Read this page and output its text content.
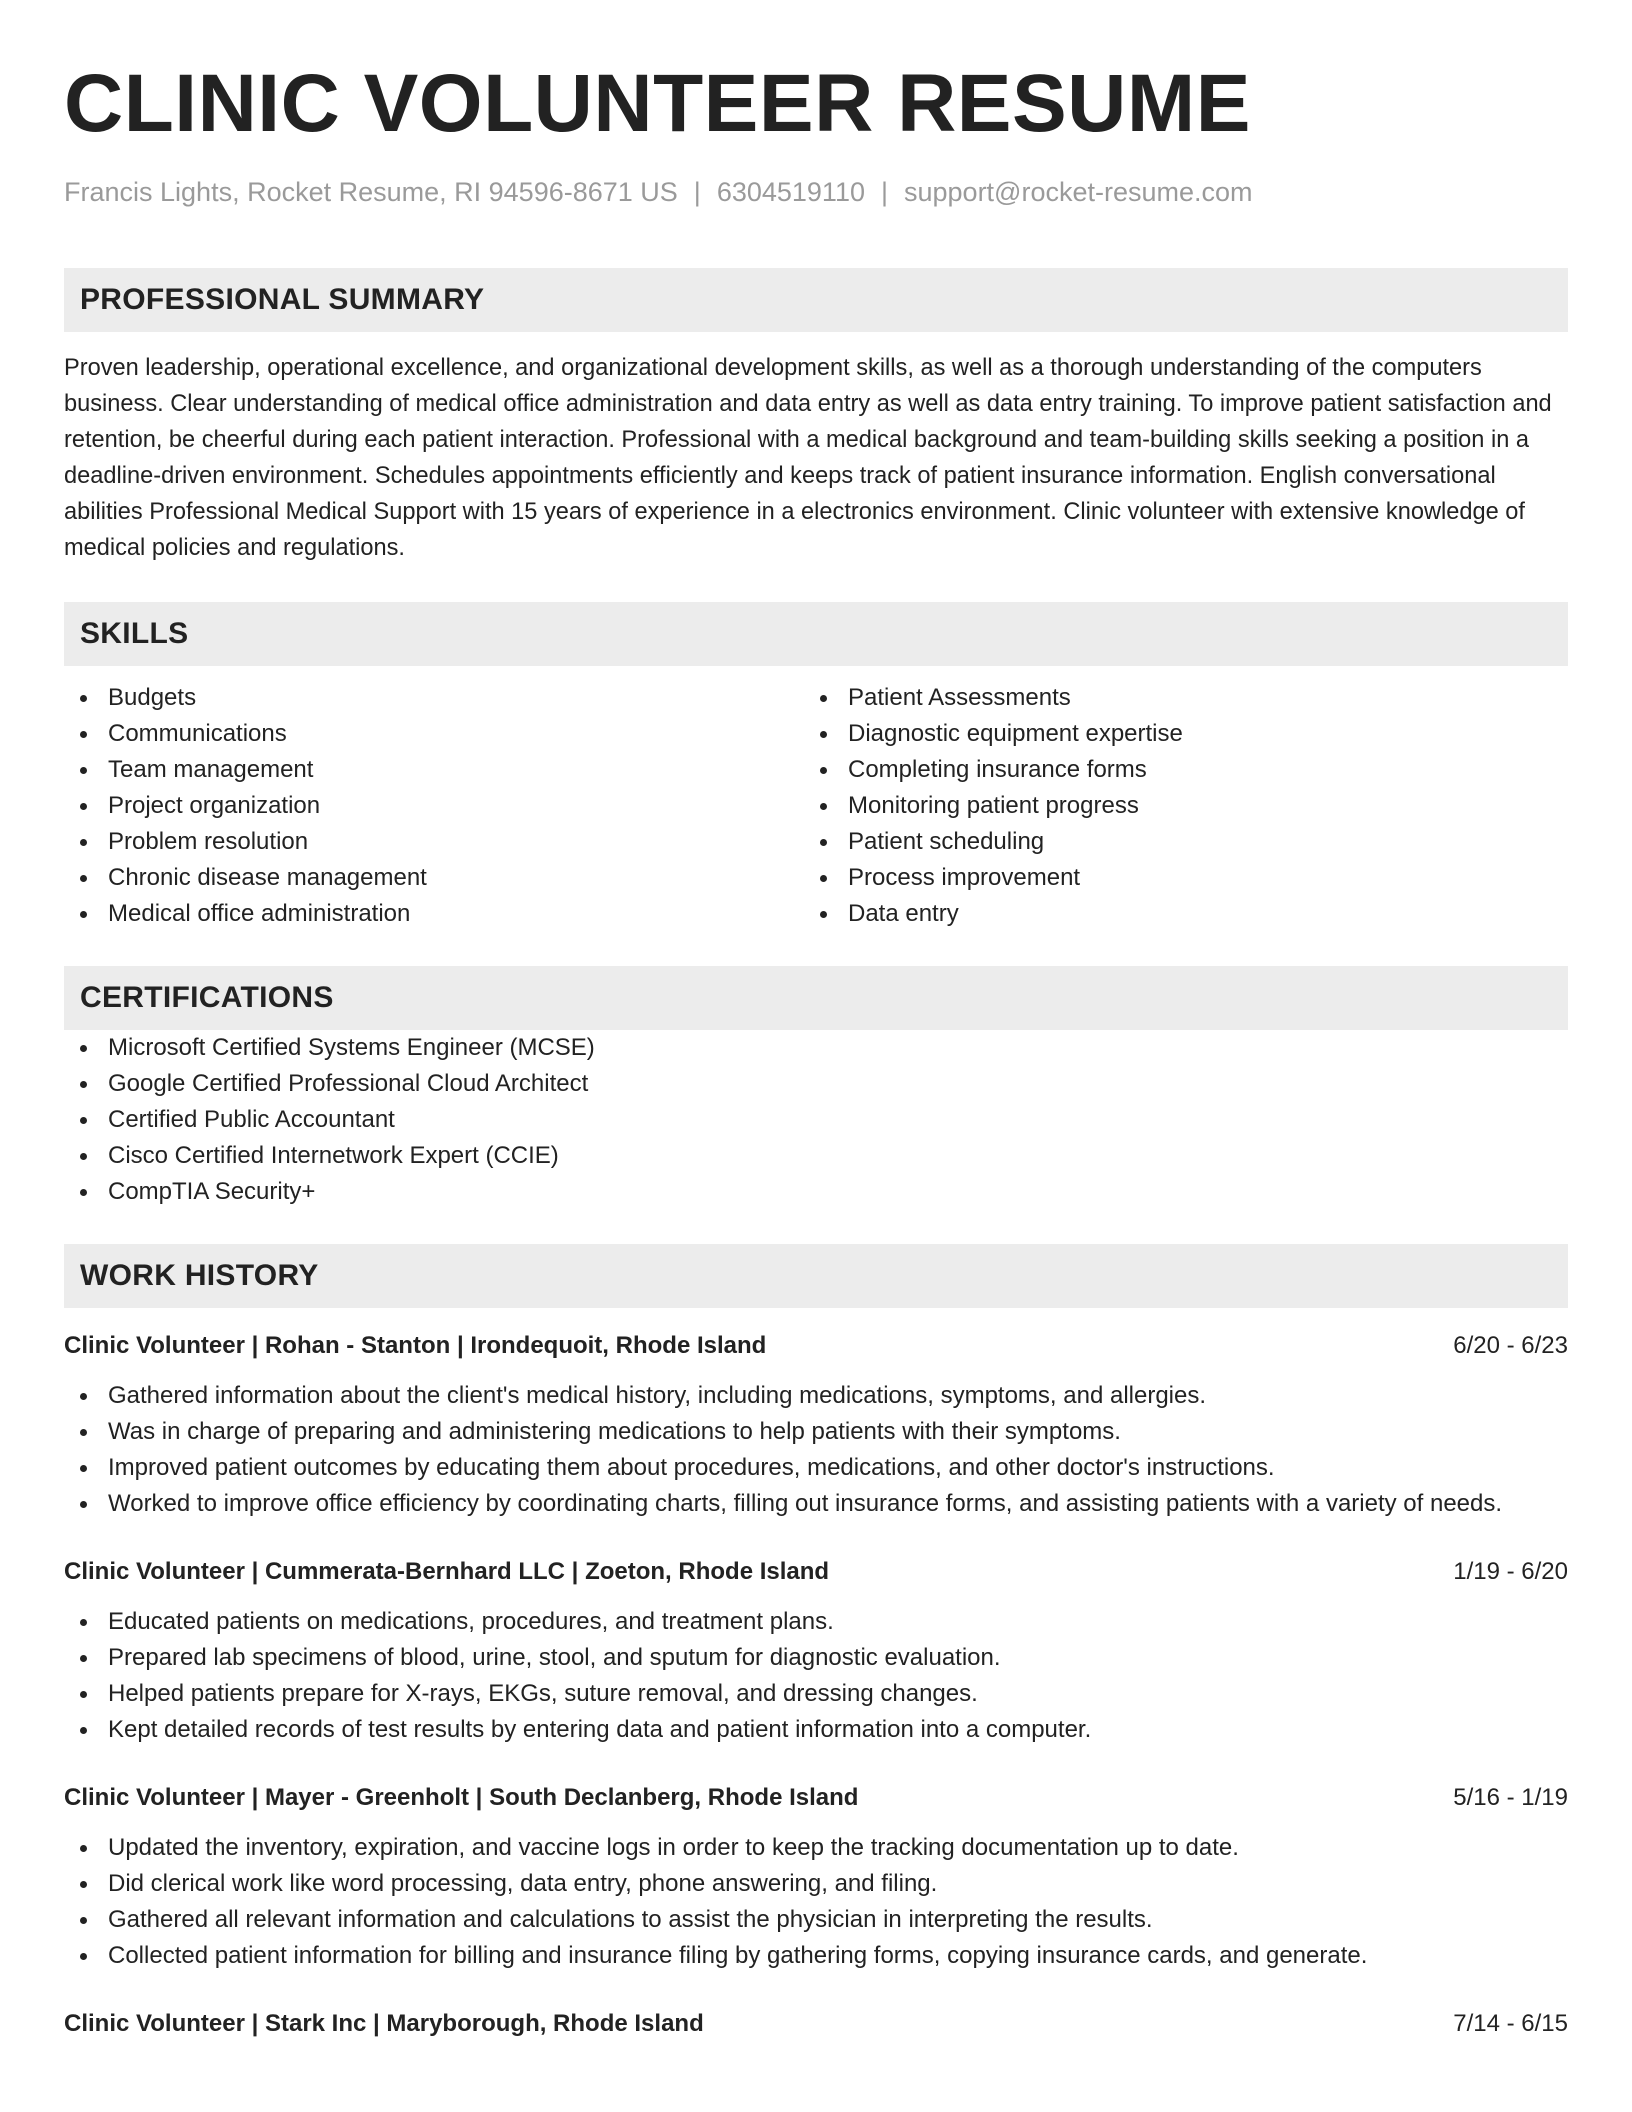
CLINIC VOLUNTEER RESUME
Francis Lights, Rocket Resume, RI 94596-8671 US | 6304519110 | support@rocket-resume.com
PROFESSIONAL SUMMARY
Proven leadership, operational excellence, and organizational development skills, as well as a thorough understanding of the computers business. Clear understanding of medical office administration and data entry as well as data entry training. To improve patient satisfaction and retention, be cheerful during each patient interaction. Professional with a medical background and team-building skills seeking a position in a deadline-driven environment. Schedules appointments efficiently and keeps track of patient insurance information. English conversational abilities Professional Medical Support with 15 years of experience in a electronics environment. Clinic volunteer with extensive knowledge of medical policies and regulations.
SKILLS
Budgets
Communications
Team management
Project organization
Problem resolution
Chronic disease management
Medical office administration
Patient Assessments
Diagnostic equipment expertise
Completing insurance forms
Monitoring patient progress
Patient scheduling
Process improvement
Data entry
CERTIFICATIONS
Microsoft Certified Systems Engineer (MCSE)
Google Certified Professional Cloud Architect
Certified Public Accountant
Cisco Certified Internetwork Expert (CCIE)
CompTIA Security+
WORK HISTORY
Clinic Volunteer | Rohan - Stanton | Irondequoit, Rhode Island	6/20 - 6/23
Gathered information about the client's medical history, including medications, symptoms, and allergies.
Was in charge of preparing and administering medications to help patients with their symptoms.
Improved patient outcomes by educating them about procedures, medications, and other doctor's instructions.
Worked to improve office efficiency by coordinating charts, filling out insurance forms, and assisting patients with a variety of needs.
Clinic Volunteer | Cummerata-Bernhard LLC | Zoeton, Rhode Island	1/19 - 6/20
Educated patients on medications, procedures, and treatment plans.
Prepared lab specimens of blood, urine, stool, and sputum for diagnostic evaluation.
Helped patients prepare for X-rays, EKGs, suture removal, and dressing changes.
Kept detailed records of test results by entering data and patient information into a computer.
Clinic Volunteer | Mayer - Greenholt | South Declanberg, Rhode Island	5/16 - 1/19
Updated the inventory, expiration, and vaccine logs in order to keep the tracking documentation up to date.
Did clerical work like word processing, data entry, phone answering, and filing.
Gathered all relevant information and calculations to assist the physician in interpreting the results.
Collected patient information for billing and insurance filing by gathering forms, copying insurance cards, and generate.
Clinic Volunteer | Stark Inc | Maryborough, Rhode Island	7/14 - 6/15
